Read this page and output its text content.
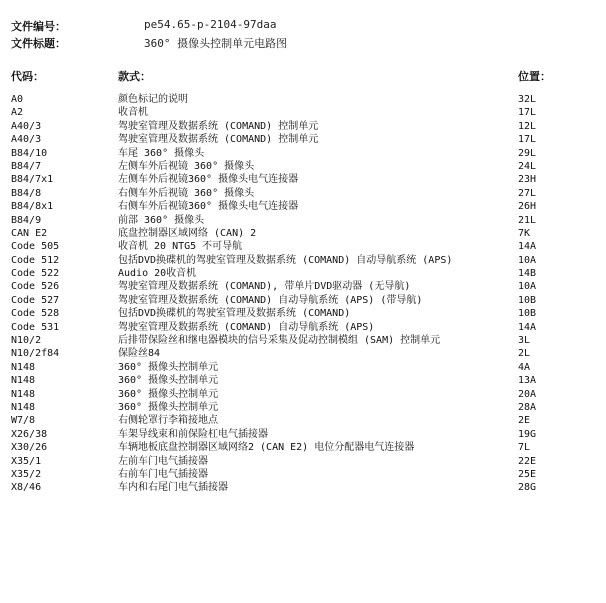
文件编号：	pe54.65-p-2104-97daa
文件标题：	360° 摄像头控制单元电路图
代码：	款式：	位置：
A0	颜色标记的说明	32L
A2	收音机	17L
A40/3	驾驶室管理及数据系统 (COMAND) 控制单元	12L
A40/3	驾驶室管理及数据系统 (COMAND) 控制单元	17L
B84/10	车尾 360° 摄像头	29L
B84/7	左侧车外后视镜 360° 摄像头	24L
B84/7x1	左侧车外后视镜360° 摄像头电气连接器	23H
B84/8	右侧车外后视镜 360° 摄像头	27L
B84/8x1	右侧车外后视镜360° 摄像头电气连接器	26H
B84/9	前部 360° 摄像头	21L
CAN E2	底盘控制器区域网络 (CAN) 2	7K
Code 505	收音机 20 NTG5 不可导航	14A
Code 512	包括DVD换碟机的驾驶室管理及数据系统 (COMAND) 自动导航系统 (APS)	10A
Code 522	Audio 20收音机	14B
Code 526	驾驶室管理及数据系统 (COMAND), 带单片DVD驱动器 (无导航)	10A
Code 527	驾驶室管理及数据系统 (COMAND) 自动导航系统 (APS) (带导航)	10B
Code 528	包括DVD换碟机的驾驶室管理及数据系统 (COMAND)	10B
Code 531	驾驶室管理及数据系统 (COMAND) 自动导航系统 (APS)	14A
N10/2	后排带保险丝和继电器模块的信号采集及促动控制模组 (SAM) 控制单元	3L
N10/2f84	保险丝84	2L
N148	360° 摄像头控制单元	4A
N148	360° 摄像头控制单元	13A
N148	360° 摄像头控制单元	20A
N148	360° 摄像头控制单元	28A
W7/8	右侧轮罩行李箱接地点	2E
X26/38	车架导线束和前保险杠电气插接器	19G
X30/26	车辆地板底盘控制器区域网络2 (CAN E2) 电位分配器电气连接器	7L
X35/1	左前车门电气插接器	22E
X35/2	右前车门电气插接器	25E
X8/46	车内和右尾门电气插接器	28G
